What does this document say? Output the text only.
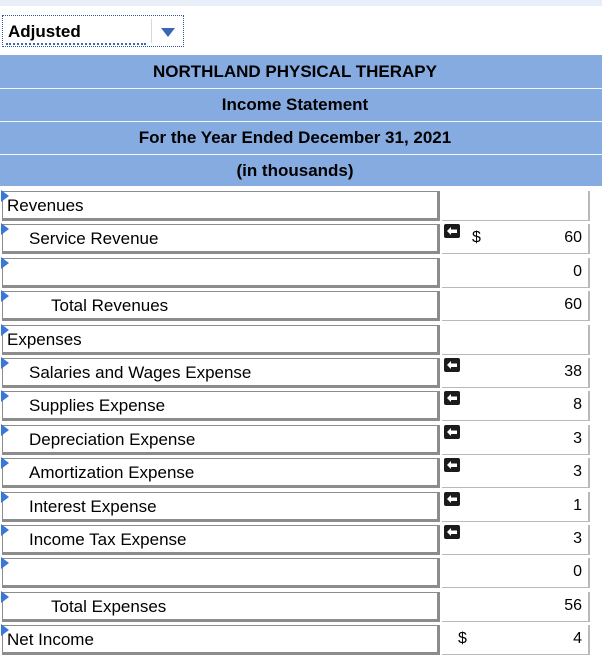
Adjusted
NORTHLAND PHYSICAL THERAPY
Income Statement
For the Year Ended December 31, 2021
(in thousands)
Revenues
Service Revenue	$	60
0
Total Revenues	60
Expenses
Salaries and Wages Expense	38
Supplies Expense	8
Depreciation Expense	3
Amortization Expense	3
Interest Expense	1
Income Tax Expense	3
0
Total Expenses	56
Net Income	$	4
